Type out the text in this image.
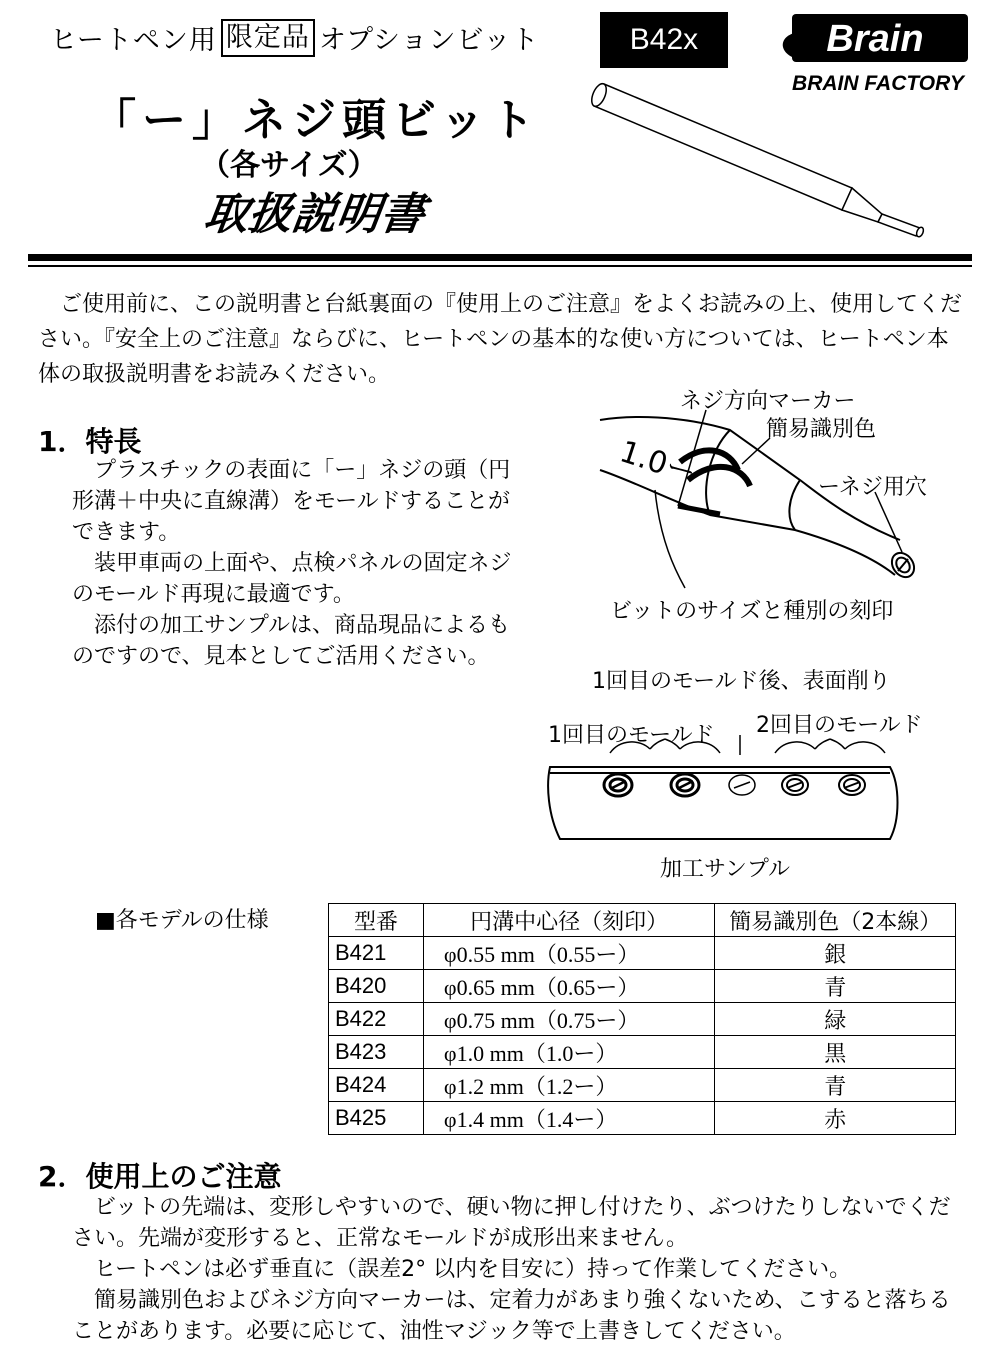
ヒートペン用 限定品 オプションビット	B42x	Brain
BRAIN FACTORY
「ー」ネジ頭ビット
（各サイズ）
取扱説明書
ご使用前に、この説明書と台紙裏面の『使用上のご注意』をよくお読みの上、使用してください。『安全上のご注意』ならびに、ヒートペンの基本的な使い方については、ヒートペン本体の取扱説明書をお読みください。
1．特長

プラスチックの表面に「ー」ネジの頭（円形溝＋中央に直線溝）をモールドすることができます。

装甲車両の上面や、点検パネルの固定ネジのモールド再現に最適です。

添付の加工サンプルは、商品現品によるものですので、見本としてご活用ください。

1.0ー
ネジ方向マーカー
簡易識別色
ーネジ用穴
ビットのサイズと種別の刻印
1回目のモールド後、表面削り
1回目のモールド 2回目のモールド
加工サンプル
■各モデルの仕様	型番	円溝中心径（刻印）	簡易識別色（2本線）
B421	φ0.55 mm（0.55ー）	銀
B420	φ0.65 mm（0.65ー）	青
B422	φ0.75 mm（0.75ー）	緑
B423	φ1.0 mm（1.0ー）	黒
B424	φ1.2 mm（1.2ー）	青
B425	φ1.4 mm（1.4ー）	赤
2．使用上のご注意

ビットの先端は、変形しやすいので、硬い物に押し付けたり、ぶつけたりしないでください。先端が変形すると、正常なモールドが成形出来ません。

ヒートペンは必ず垂直に（誤差2° 以内を目安に）持って作業してください。

簡易識別色およびネジ方向マーカーは、定着力があまり強くないため、こすると落ちることがあります。必要に応じて、油性マジック等で上書きしてください。
